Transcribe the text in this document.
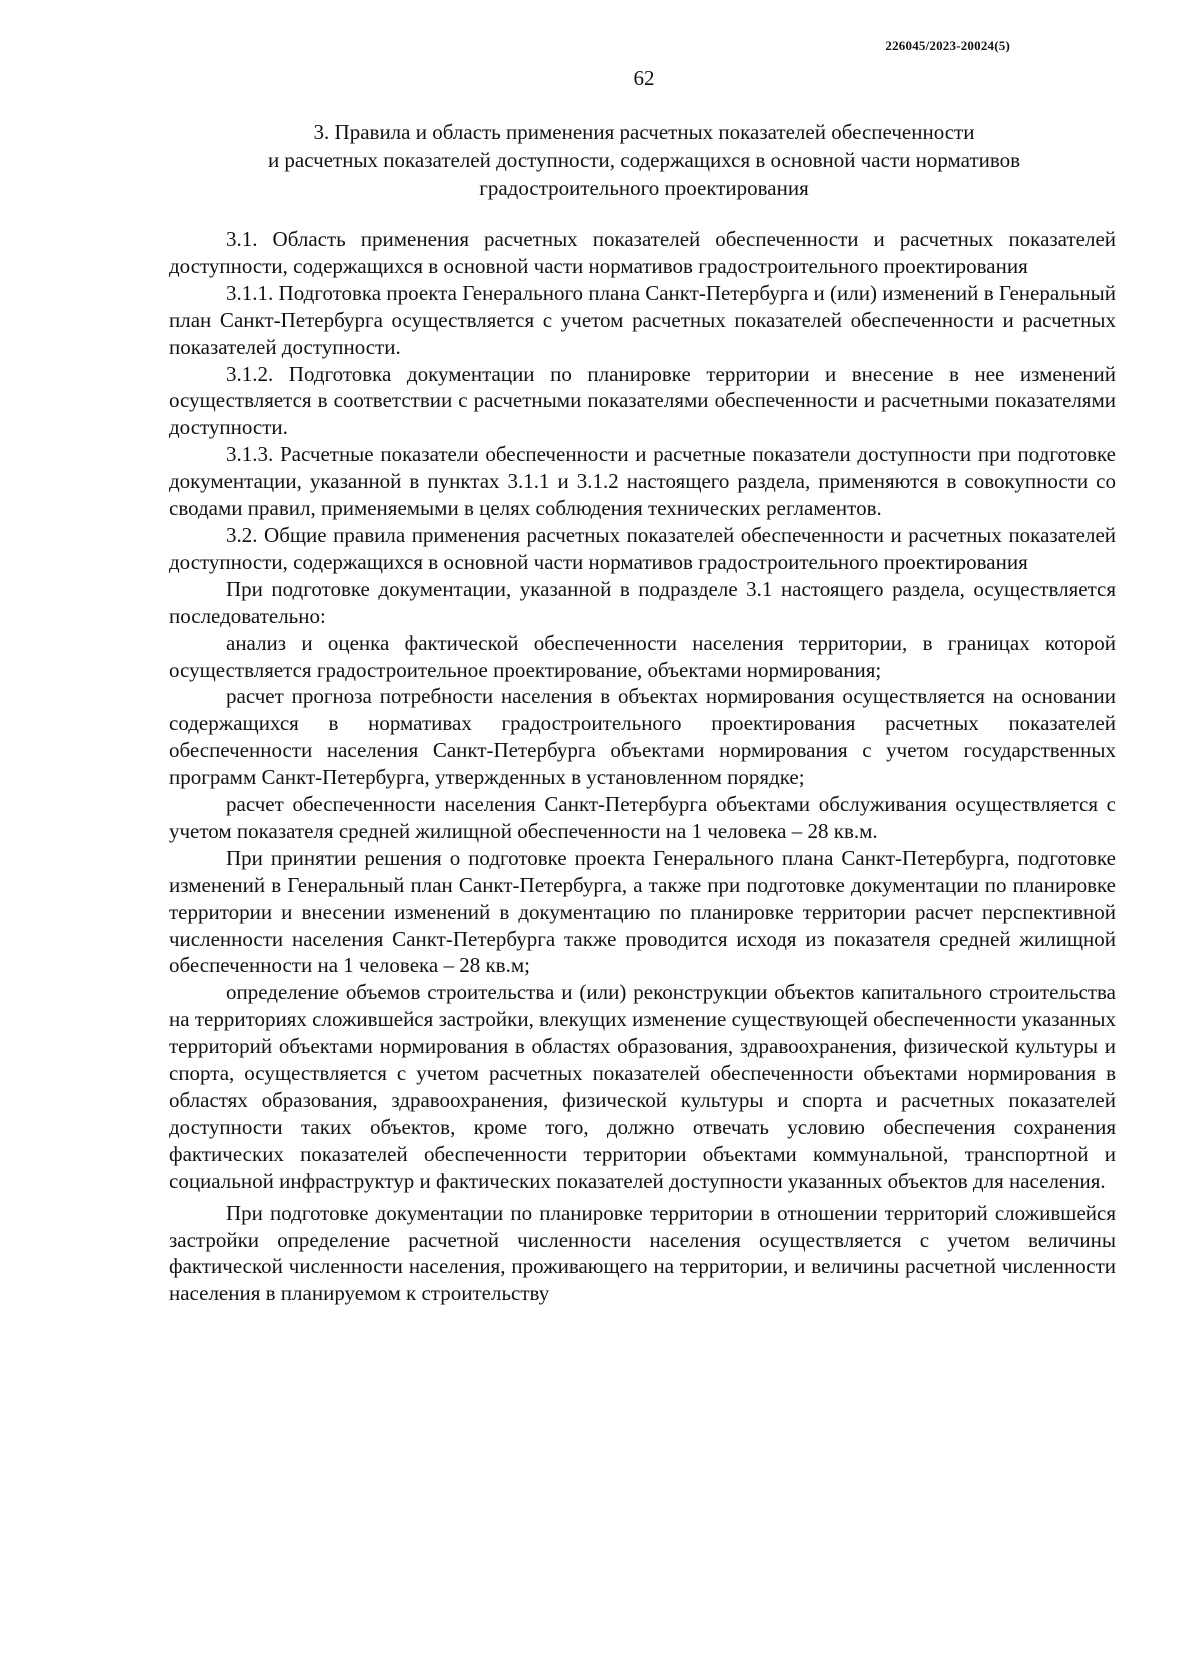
226045/2023-20024(5)
62
3. Правила и область применения расчетных показателей обеспеченности
и расчетных показателей доступности, содержащихся в основной части нормативов
градостроительного проектирования

3.1. Область применения расчетных показателей обеспеченности и расчетных показателей доступности, содержащихся в основной части нормативов градостроительного проектирования

3.1.1. Подготовка проекта Генерального плана Санкт-Петербурга и (или) изменений в Генеральный план Санкт-Петербурга осуществляется с учетом расчетных показателей обеспеченности и расчетных показателей доступности.

3.1.2. Подготовка документации по планировке территории и внесение в нее изменений осуществляется в соответствии с расчетными показателями обеспеченности и расчетными показателями доступности.

3.1.3. Расчетные показатели обеспеченности и расчетные показатели доступности при подготовке документации, указанной в пунктах 3.1.1 и 3.1.2 настоящего раздела, применяются в совокупности со сводами правил, применяемыми в целях соблюдения технических регламентов.

3.2. Общие правила применения расчетных показателей обеспеченности и расчетных показателей доступности, содержащихся в основной части нормативов градостроительного проектирования

При подготовке документации, указанной в подразделе 3.1 настоящего раздела, осуществляется последовательно:

анализ и оценка фактической обеспеченности населения территории, в границах которой осуществляется градостроительное проектирование, объектами нормирования;

расчет прогноза потребности населения в объектах нормирования осуществляется на основании содержащихся в нормативах градостроительного проектирования расчетных показателей обеспеченности населения Санкт-Петербурга объектами нормирования с учетом государственных программ Санкт-Петербурга, утвержденных в установленном порядке;

расчет обеспеченности населения Санкт-Петербурга объектами обслуживания осуществляется с учетом показателя средней жилищной обеспеченности на 1 человека – 28 кв.м.

При принятии решения о подготовке проекта Генерального плана Санкт-Петербурга, подготовке изменений в Генеральный план Санкт-Петербурга, а также при подготовке документации по планировке территории и внесении изменений в документацию по планировке территории расчет перспективной численности населения Санкт-Петербурга также проводится исходя из показателя средней жилищной обеспеченности на 1 человека – 28 кв.м;

определение объемов строительства и (или) реконструкции объектов капитального строительства на территориях сложившейся застройки, влекущих изменение существующей обеспеченности указанных территорий объектами нормирования в областях образования, здравоохранения, физической культуры и спорта, осуществляется с учетом расчетных показателей обеспеченности объектами нормирования в областях образования, здравоохранения, физической культуры и спорта и расчетных показателей доступности таких объектов, кроме того, должно отвечать условию обеспечения сохранения фактических показателей обеспеченности территории объектами коммунальной, транспортной и социальной инфраструктур и фактических показателей доступности указанных объектов для населения.

При подготовке документации по планировке территории в отношении территорий сложившейся застройки определение расчетной численности населения осуществляется с учетом величины фактической численности населения, проживающего на территории, и величины расчетной численности населения в планируемом к строительству
